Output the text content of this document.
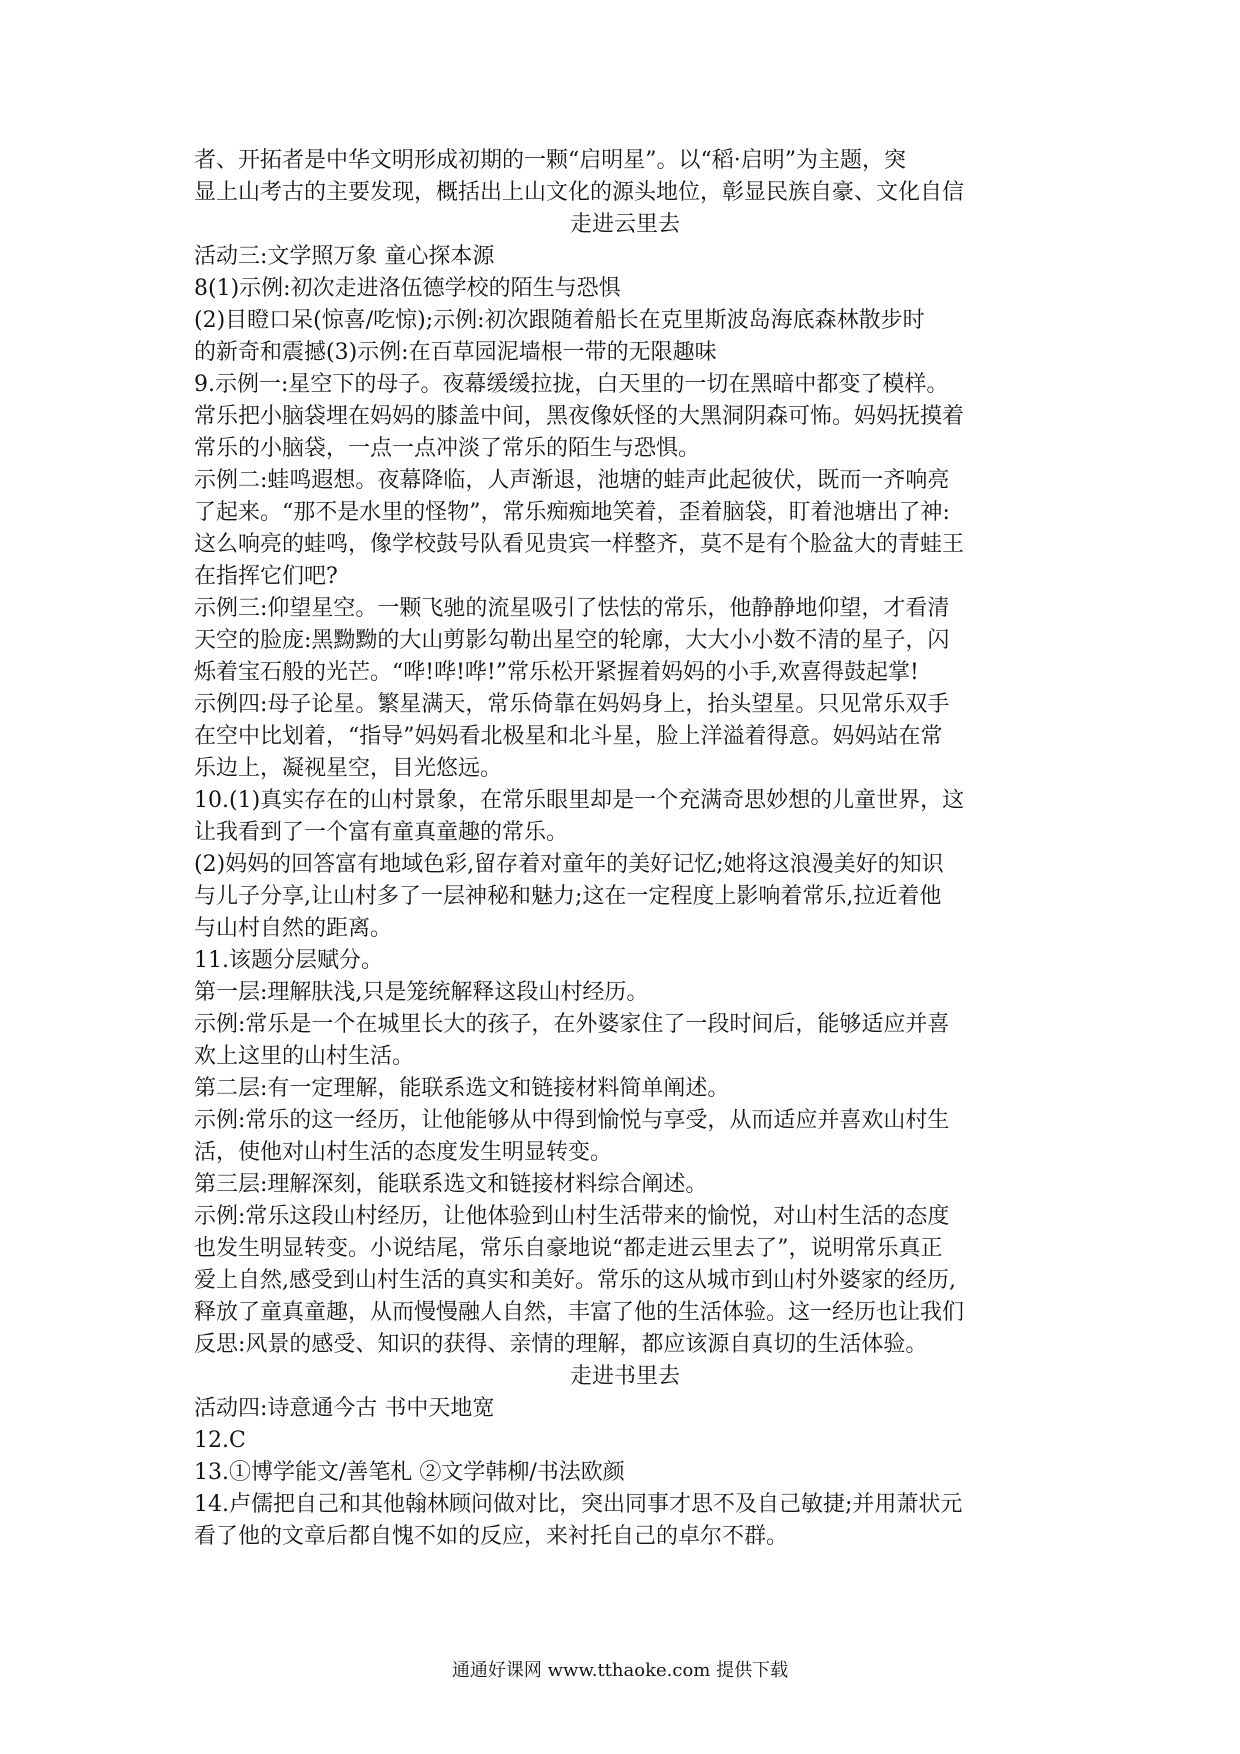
者、开拓者是中华文明形成初期的一颗“启明星”。以“稻·启明”为主题，突
显上山考古的主要发现，概括出上山文化的源头地位，彰显民族自豪、文化自信
走进云里去
活动三:文学照万象 童心探本源
8(1)示例:初次走进洛伍德学校的陌生与恐惧
(2)目瞪口呆(惊喜/吃惊);示例:初次跟随着船长在克里斯波岛海底森林散步时
的新奇和震撼(3)示例:在百草园泥墙根一带的无限趣味
9.示例一:星空下的母子。夜幕缓缓拉拢，白天里的一切在黑暗中都变了模样。
常乐把小脑袋埋在妈妈的膝盖中间，黑夜像妖怪的大黑洞阴森可怖。妈妈抚摸着
常乐的小脑袋，一点一点冲淡了常乐的陌生与恐惧。
示例二:蛙鸣遐想。夜幕降临，人声渐退，池塘的蛙声此起彼伏，既而一齐响亮
了起来。“那不是水里的怪物”，常乐痴痴地笑着，歪着脑袋，盯着池塘出了神:
这么响亮的蛙鸣，像学校鼓号队看见贵宾一样整齐，莫不是有个脸盆大的青蛙王
在指挥它们吧?
示例三:仰望星空。一颗飞驰的流星吸引了怯怯的常乐，他静静地仰望，才看清
天空的脸庞:黑黝黝的大山剪影勾勒出星空的轮廓，大大小小数不清的星子，闪
烁着宝石般的光芒。“哗!哗!哗!”常乐松开紧握着妈妈的小手,欢喜得鼓起掌!
示例四:母子论星。繁星满天，常乐倚靠在妈妈身上，抬头望星。只见常乐双手
在空中比划着，“指导”妈妈看北极星和北斗星，脸上洋溢着得意。妈妈站在常
乐边上，凝视星空，目光悠远。
10.(1)真实存在的山村景象，在常乐眼里却是一个充满奇思妙想的儿童世界，这
让我看到了一个富有童真童趣的常乐。
(2)妈妈的回答富有地域色彩,留存着对童年的美好记忆;她将这浪漫美好的知识
与儿子分享,让山村多了一层神秘和魅力;这在一定程度上影响着常乐,拉近着他
与山村自然的距离。
11.该题分层赋分。
第一层:理解肤浅,只是笼统解释这段山村经历。
示例:常乐是一个在城里长大的孩子，在外婆家住了一段时间后，能够适应并喜
欢上这里的山村生活。
第二层:有一定理解，能联系选文和链接材料简单阐述。
示例:常乐的这一经历，让他能够从中得到愉悦与享受，从而适应并喜欢山村生
活，使他对山村生活的态度发生明显转变。
第三层:理解深刻，能联系选文和链接材料综合阐述。
示例:常乐这段山村经历，让他体验到山村生活带来的愉悦，对山村生活的态度
也发生明显转变。小说结尾，常乐自豪地说“都走进云里去了”，说明常乐真正
爱上自然,感受到山村生活的真实和美好。常乐的这从城市到山村外婆家的经历,
释放了童真童趣，从而慢慢融人自然，丰富了他的生活体验。这一经历也让我们
反思:风景的感受、知识的获得、亲情的理解，都应该源自真切的生活体验。
走进书里去
活动四:诗意通今古 书中天地宽
12.C
13.①博学能文/善笔札 ②文学韩柳/书法欧颜
14.卢儒把自己和其他翰林顾问做对比，突出同事才思不及自己敏捷;并用萧状元
看了他的文章后都自愧不如的反应，来衬托自己的卓尔不群。
通通好课网 www.tthaoke.com 提供下载
